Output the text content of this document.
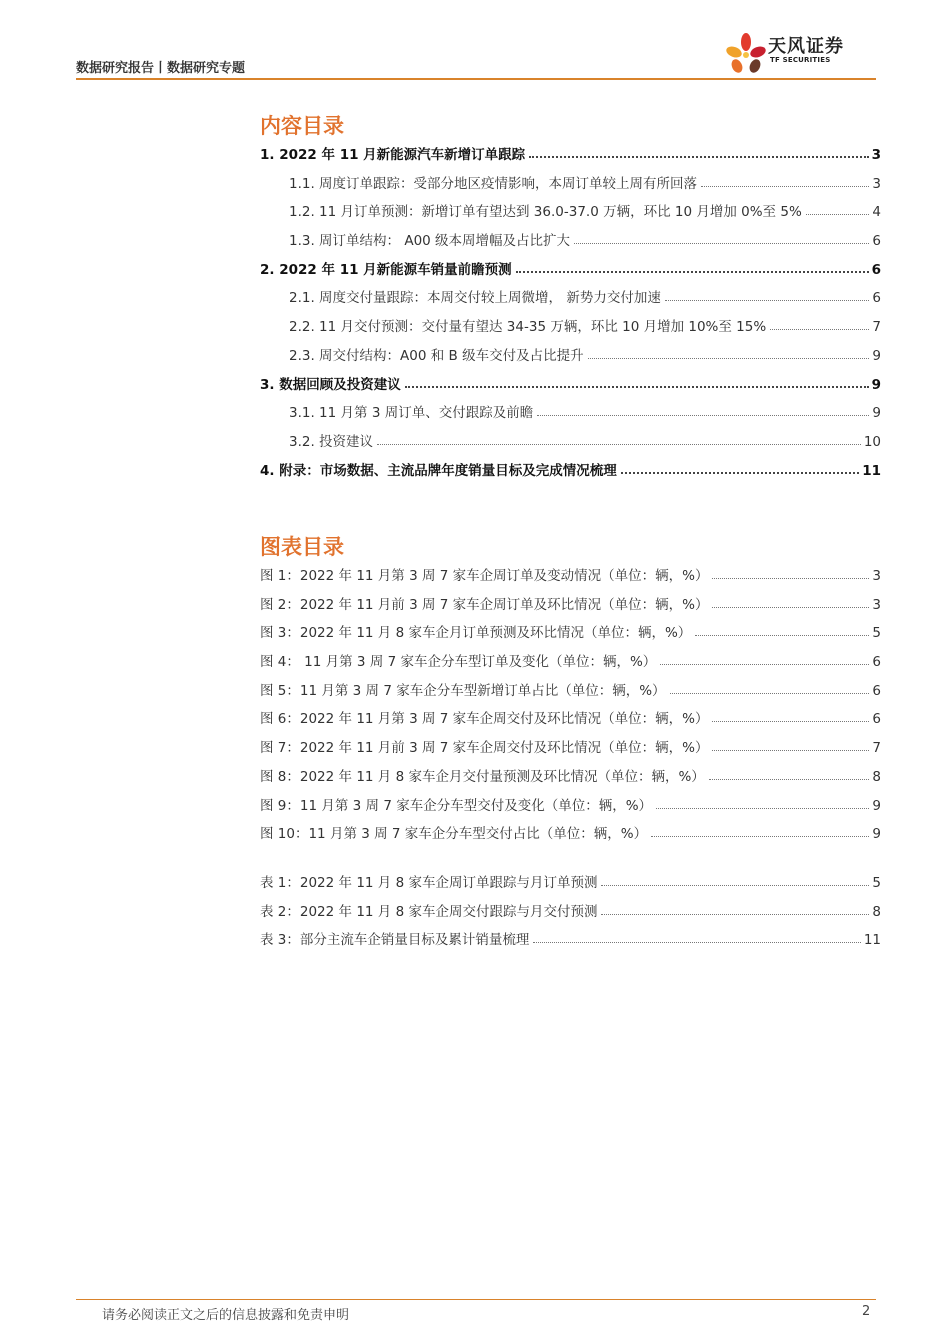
数据研究报告丨数据研究专题
天风证券
TF SECURITIES
内容目录
1. 2022 年 11 月新能源汽车新增订单跟踪	3
1.1. 周度订单跟踪：受部分地区疫情影响，本周订单较上周有所回落	3
1.2. 11 月订单预测：新增订单有望达到 36.0-37.0 万辆，环比 10 月增加 0%至 5%	4
1.3. 周订单结构： A00 级本周增幅及占比扩大	6
2. 2022 年 11 月新能源车销量前瞻预测	6
2.1. 周度交付量跟踪：本周交付较上周微增， 新势力交付加速	6
2.2. 11 月交付预测：交付量有望达 34-35 万辆，环比 10 月增加 10%至 15%	7
2.3. 周交付结构：A00 和 B 级车交付及占比提升	9
3. 数据回顾及投资建议	9
3.1. 11 月第 3 周订单、交付跟踪及前瞻	9
3.2. 投资建议	10
4. 附录：市场数据、主流品牌年度销量目标及完成情况梳理	11
图表目录
图 1：2022 年 11 月第 3 周 7 家车企周订单及变动情况（单位：辆，%）	3
图 2：2022 年 11 月前 3 周 7 家车企周订单及环比情况（单位：辆，%）	3
图 3：2022 年 11 月 8 家车企月订单预测及环比情况（单位：辆，%）	5
图 4： 11 月第 3 周 7 家车企分车型订单及变化（单位：辆，%）	6
图 5：11 月第 3 周 7 家车企分车型新增订单占比（单位：辆，%）	6
图 6：2022 年 11 月第 3 周 7 家车企周交付及环比情况（单位：辆，%）	6
图 7：2022 年 11 月前 3 周 7 家车企周交付及环比情况（单位：辆，%）	7
图 8：2022 年 11 月 8 家车企月交付量预测及环比情况（单位：辆，%）	8
图 9：11 月第 3 周 7 家车企分车型交付及变化（单位：辆，%）	9
图 10：11 月第 3 周 7 家车企分车型交付占比（单位：辆，%）	9
表 1：2022 年 11 月 8 家车企周订单跟踪与月订单预测	5
表 2：2022 年 11 月 8 家车企周交付跟踪与月交付预测	8
表 3：部分主流车企销量目标及累计销量梳理	11
请务必阅读正文之后的信息披露和免责申明	2
